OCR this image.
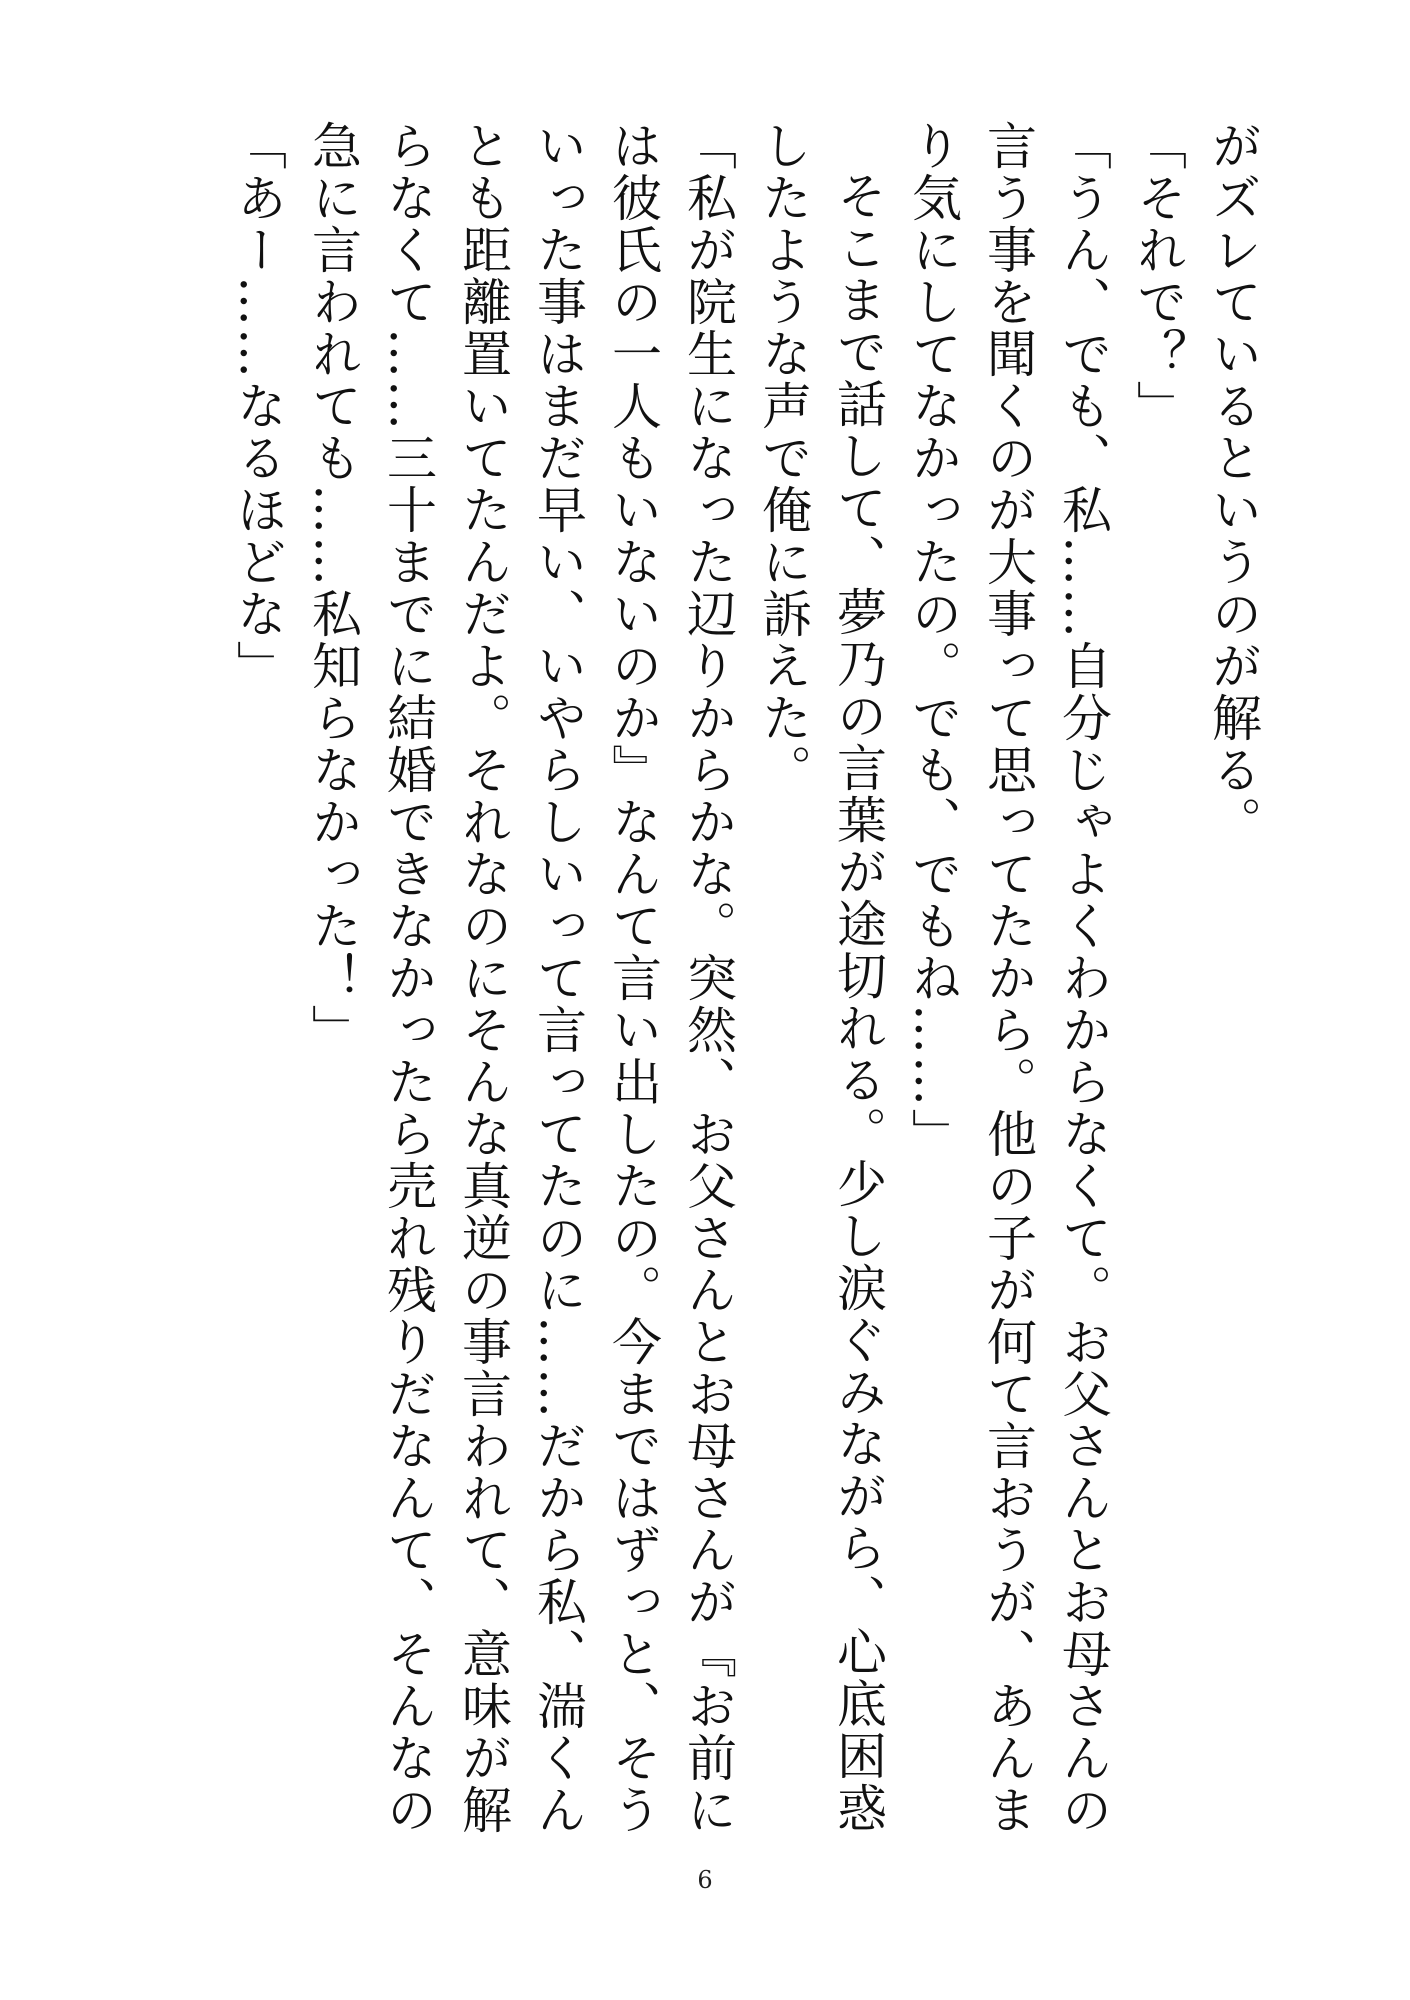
がズレているというのが解る。

「それで？」

「うん、でも、私……自分じゃよくわからなくて。お父さんとお母さんの言う事を聞くのが大事って思ってたから。他の子が何て言おうが、あんまり気にしてなかったの。でも、でもね……」

そこまで話して、夢乃の言葉が途切れる。少し涙ぐみながら、心底困惑したような声で俺に訴えた。

「私が院生になった辺りからかな。突然、お父さんとお母さんが『お前には彼氏の一人もいないのか』なんて言い出したの。今まではずっと、そういった事はまだ早い、いやらしいって言ってたのに……だから私、湍くんとも距離置いてたんだよ。それなのにそんな真逆の事言われて、意味が解らなくて……三十までに結婚できなかったら売れ残りだなんて、そんなの急に言われても……私知らなかった！」

「あー……なるほどな」

6
